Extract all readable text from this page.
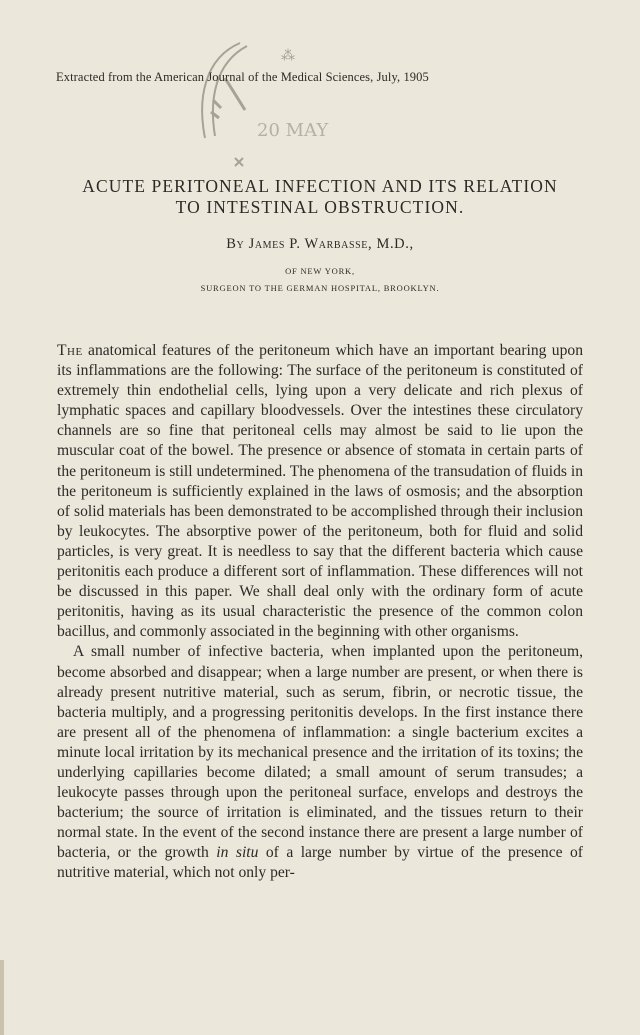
Extracted from the American Journal of the Medical Sciences, July, 1905
20 MAY
⁂
ACUTE PERITONEAL INFECTION AND ITS RELATION
TO INTESTINAL OBSTRUCTION.
By James P. Warbasse, M.D.,
OF NEW YORK,
SURGEON TO THE GERMAN HOSPITAL, BROOKLYN.

The anatomical features of the peritoneum which have an important bearing upon its inflammations are the following: The surface of the peritoneum is constituted of extremely thin endothelial cells, lying upon a very delicate and rich plexus of lymphatic spaces and capillary bloodvessels. Over the intestines these circulatory channels are so fine that peritoneal cells may almost be said to lie upon the muscular coat of the bowel. The presence or absence of stomata in certain parts of the peritoneum is still undetermined. The phenomena of the transudation of fluids in the peritoneum is sufficiently explained in the laws of osmosis; and the absorption of solid materials has been demonstrated to be accomplished through their inclusion by leukocytes. The absorptive power of the peritoneum, both for fluid and solid particles, is very great. It is needless to say that the different bacteria which cause peritonitis each produce a different sort of inflammation. These differences will not be discussed in this paper. We shall deal only with the ordinary form of acute peritonitis, having as its usual characteristic the presence of the common colon bacillus, and commonly associated in the beginning with other organisms.

A small number of infective bacteria, when implanted upon the peritoneum, become absorbed and disappear; when a large number are present, or when there is already present nutritive material, such as serum, fibrin, or necrotic tissue, the bacteria multiply, and a progressing peritonitis develops. In the first instance there are present all of the phenomena of inflammation: a single bacterium excites a minute local irritation by its mechanical presence and the irritation of its toxins; the underlying capillaries become dilated; a small amount of serum transudes; a leukocyte passes through upon the peritoneal surface, envelops and destroys the bacterium; the source of irritation is eliminated, and the tissues return to their normal state. In the event of the second instance there are present a large number of bacteria, or the growth in situ of a large number by virtue of the presence of nutritive material, which not only per-
